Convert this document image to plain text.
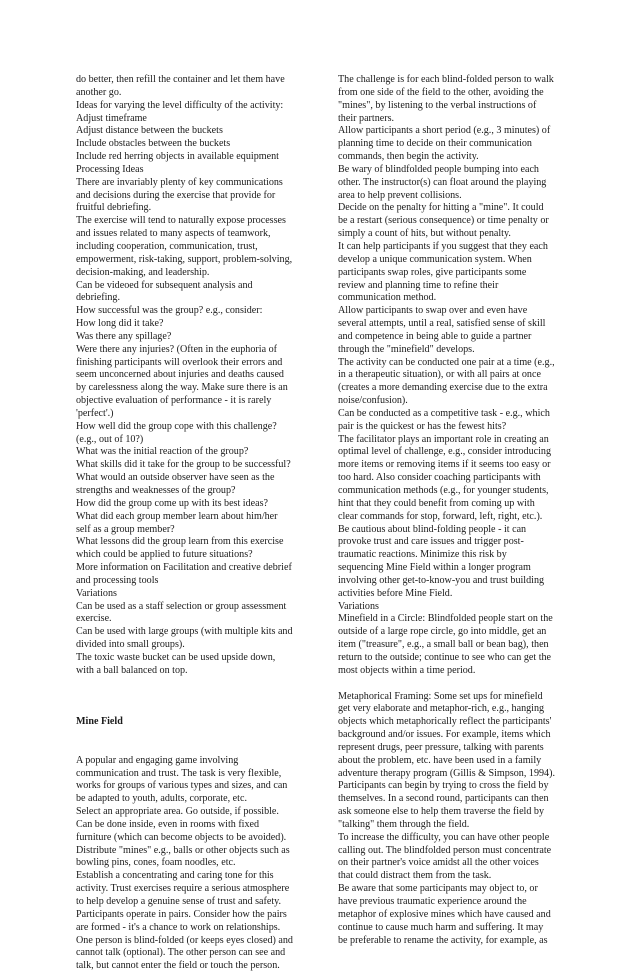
do better, then refill the container and let them have
another go.
Ideas for varying the level difficulty of the activity:
Adjust timeframe
Adjust distance between the buckets
Include obstacles between the buckets
Include red herring objects in available equipment
Processing Ideas
There are invariably plenty of key communications
and decisions during the exercise that provide for
fruitful debriefing.
The exercise will tend to naturally expose processes
and issues related to many aspects of teamwork,
including cooperation, communication, trust,
empowerment, risk-taking, support, problem-solving,
decision-making, and leadership.
Can be videoed for subsequent analysis and
debriefing.
How successful was the group? e.g., consider:
How long did it take?
Was there any spillage?
Were there any injuries? (Often in the euphoria of
finishing participants will overlook their errors and
seem unconcerned about injuries and deaths caused
by carelessness along the way. Make sure there is an
objective evaluation of performance - it is rarely
'perfect'.)
How well did the group cope with this challenge?
(e.g., out of 10?)
What was the initial reaction of the group?
What skills did it take for the group to be successful?
What would an outside observer have seen as the
strengths and weaknesses of the group?
How did the group come up with its best ideas?
What did each group member learn about him/her
self as a group member?
What lessons did the group learn from this exercise
which could be applied to future situations?
More information on Facilitation and creative debrief
and processing tools
Variations
Can be used as a staff selection or group assessment
exercise.
Can be used with large groups (with multiple kits and
divided into small groups).
The toxic waste bucket can be used upside down,
with a ball balanced on top.
Mine Field
A popular and engaging game involving
communication and trust. The task is very flexible,
works for groups of various types and sizes, and can
be adapted to youth, adults, corporate, etc.
Select an appropriate area. Go outside, if possible.
Can be done inside, even in rooms with fixed
furniture (which can become objects to be avoided).
Distribute "mines" e.g., balls or other objects such as
bowling pins, cones, foam noodles, etc.
Establish a concentrating and caring tone for this
activity. Trust exercises require a serious atmosphere
to help develop a genuine sense of trust and safety.
Participants operate in pairs. Consider how the pairs
are formed - it's a chance to work on relationships.
One person is blind-folded (or keeps eyes closed) and
cannot talk (optional). The other person can see and
talk, but cannot enter the field or touch the person.
The challenge is for each blind-folded person to walk
from one side of the field to the other, avoiding the
"mines", by listening to the verbal instructions of
their partners.
Allow participants a short period (e.g., 3 minutes) of
planning time to decide on their communication
commands, then begin the activity.
Be wary of blindfolded people bumping into each
other. The instructor(s) can float around the playing
area to help prevent collisions.
Decide on the penalty for hitting a "mine". It could
be a restart (serious consequence) or time penalty or
simply a count of hits, but without penalty.
It can help participants if you suggest that they each
develop a unique communication system. When
participants swap roles, give participants some
review and planning time to refine their
communication method.
Allow participants to swap over and even have
several attempts, until a real, satisfied sense of skill
and competence in being able to guide a partner
through the "minefield" develops.
The activity can be conducted one pair at a time (e.g.,
in a therapeutic situation), or with all pairs at once
(creates a more demanding exercise due to the extra
noise/confusion).
Can be conducted as a competitive task - e.g., which
pair is the quickest or has the fewest hits?
The facilitator plays an important role in creating an
optimal level of challenge, e.g., consider introducing
more items or removing items if it seems too easy or
too hard. Also consider coaching participants with
communication methods (e.g., for younger students,
hint that they could benefit from coming up with
clear commands for stop, forward, left, right, etc.).
Be cautious about blind-folding people - it can
provoke trust and care issues and trigger post-
traumatic reactions. Minimize this risk by
sequencing Mine Field within a longer program
involving other get-to-know-you and trust building
activities before Mine Field.
Variations
Minefield in a Circle: Blindfolded people start on the
outside of a large rope circle, go into middle, get an
item ("treasure", e.g., a small ball or bean bag), then
return to the outside; continue to see who can get the
most objects within a time period.
Metaphorical Framing: Some set ups for minefield
get very elaborate and metaphor-rich, e.g., hanging
objects which metaphorically reflect the participants'
background and/or issues. For example, items which
represent drugs, peer pressure, talking with parents
about the problem, etc. have been used in a family
adventure therapy program (Gillis & Simpson, 1994).
Participants can begin by trying to cross the field by
themselves. In a second round, participants can then
ask someone else to help them traverse the field by
"talking" them through the field.
To increase the difficulty, you can have other people
calling out. The blindfolded person must concentrate
on their partner's voice amidst all the other voices
that could distract them from the task.
Be aware that some participants may object to, or
have previous traumatic experience around the
metaphor of explosive mines which have caused and
continue to cause much harm and suffering. It may
be preferable to rename the activity, for example, as
